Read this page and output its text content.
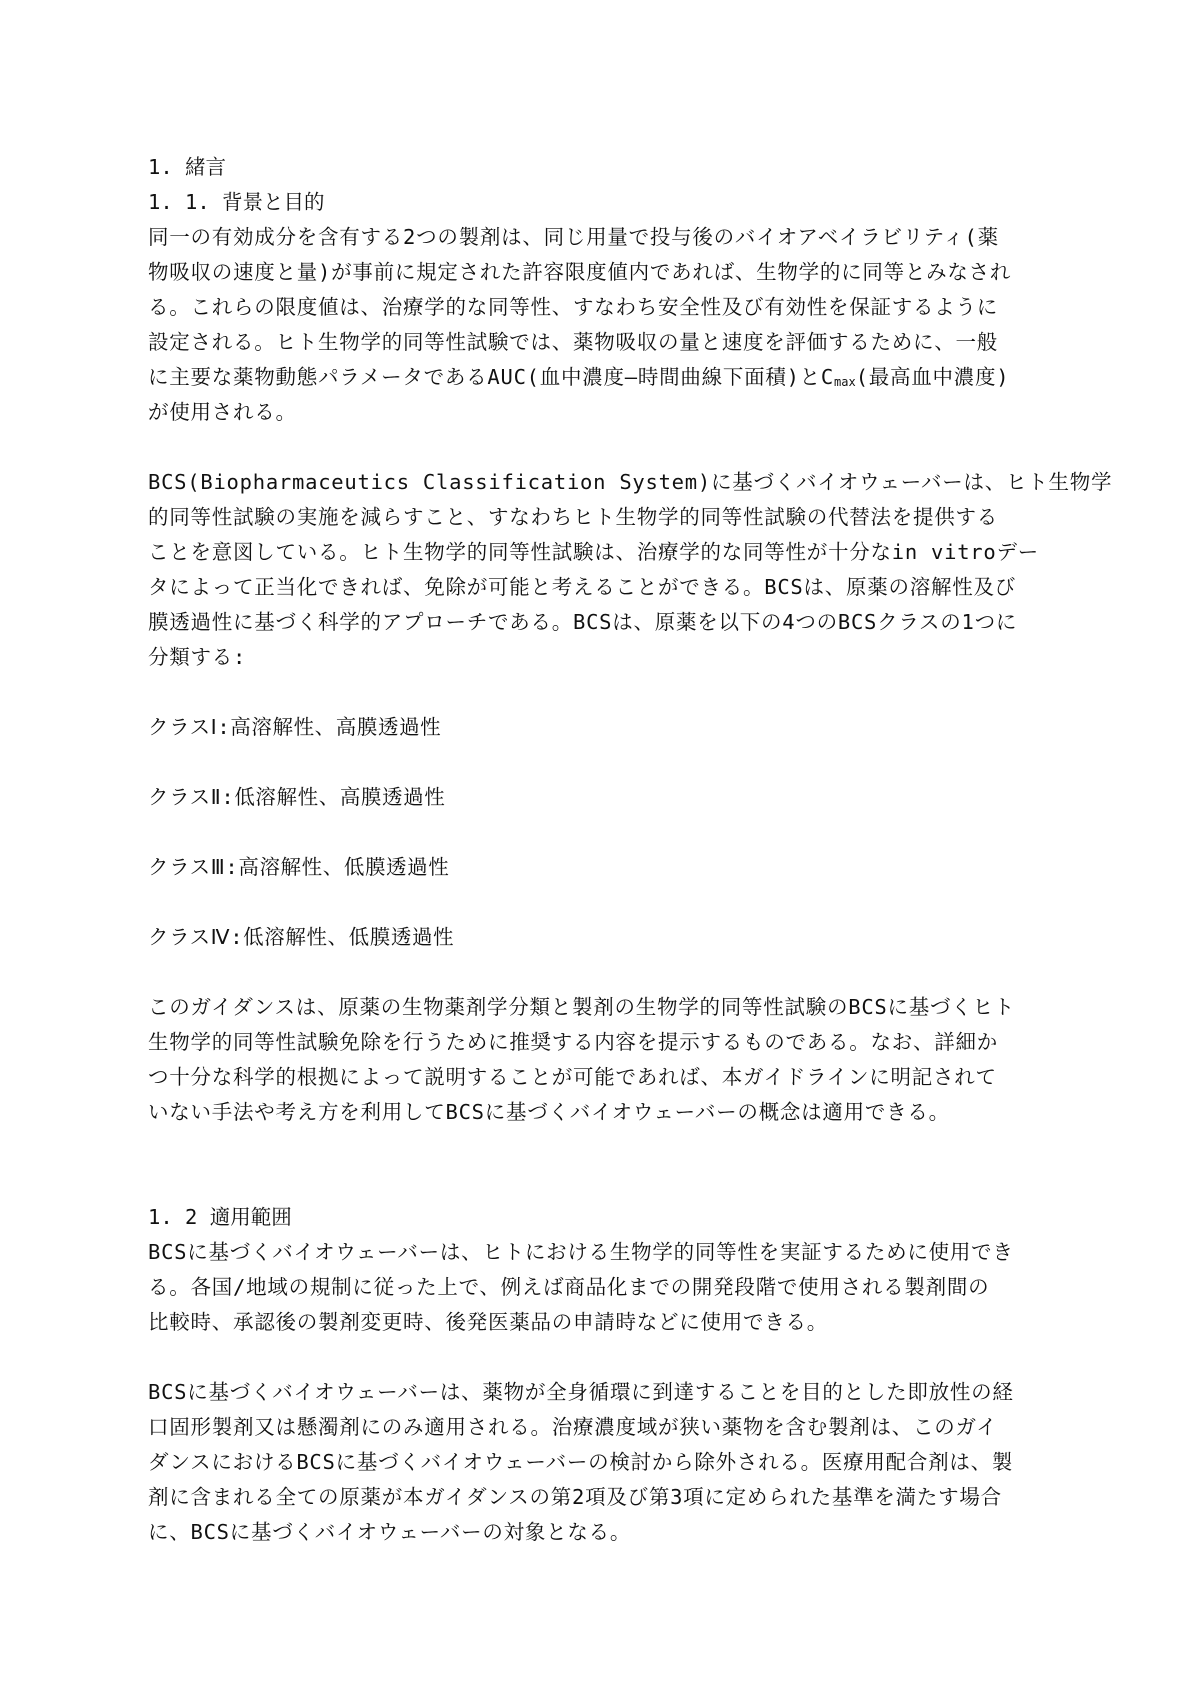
1. 緒言
1. 1. 背景と目的
同一の有効成分を含有する2つの製剤は、同じ用量で投与後のバイオアベイラビリティ(薬
物吸収の速度と量)が事前に規定された許容限度値内であれば、生物学的に同等とみなされ
る。これらの限度値は、治療学的な同等性、すなわち安全性及び有効性を保証するように
設定される。ヒト生物学的同等性試験では、薬物吸収の量と速度を評価するために、一般
に主要な薬物動態パラメータであるAUC(血中濃度―時間曲線下面積)と$C_{max}$(最高血中濃度)
が使用される。
BCS(Biopharmaceutics Classification System)に基づくバイオウェーバーは、ヒト生物学
的同等性試験の実施を減らすこと、すなわちヒト生物学的同等性試験の代替法を提供する
ことを意図している。ヒト生物学的同等性試験は、治療学的な同等性が十分なin vitroデー
タによって正当化できれば、免除が可能と考えることができる。BCSは、原薬の溶解性及び
膜透過性に基づく科学的アプローチである。BCSは、原薬を以下の4つのBCSクラスの1つに
分類する:
クラスⅠ:高溶解性、高膜透過性
クラスⅡ:低溶解性、高膜透過性
クラスⅢ:高溶解性、低膜透過性
クラスⅣ:低溶解性、低膜透過性
このガイダンスは、原薬の生物薬剤学分類と製剤の生物学的同等性試験のBCSに基づくヒト
生物学的同等性試験免除を行うために推奨する内容を提示するものである。なお、詳細か
つ十分な科学的根拠によって説明することが可能であれば、本ガイドラインに明記されて
いない手法や考え方を利用してBCSに基づくバイオウェーバーの概念は適用できる。
1. 2 適用範囲
BCSに基づくバイオウェーバーは、ヒトにおける生物学的同等性を実証するために使用でき
る。各国/地域の規制に従った上で、例えば商品化までの開発段階で使用される製剤間の
比較時、承認後の製剤変更時、後発医薬品の申請時などに使用できる。
BCSに基づくバイオウェーバーは、薬物が全身循環に到達することを目的とした即放性の経
口固形製剤又は懸濁剤にのみ適用される。治療濃度域が狭い薬物を含む製剤は、このガイ
ダンスにおけるBCSに基づくバイオウェーバーの検討から除外される。医療用配合剤は、製
剤に含まれる全ての原薬が本ガイダンスの第2項及び第3項に定められた基準を満たす場合
に、BCSに基づくバイオウェーバーの対象となる。
